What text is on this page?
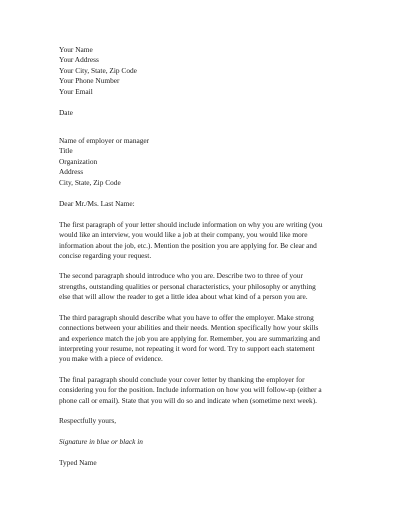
Your Name
Your Address
Your City, State, Zip Code
Your Phone Number
Your Email
Date
Name of employer or manager
Title
Organization
Address
City, State, Zip Code
Dear Mr./Ms. Last Name:
The first paragraph of your letter should include information on why you are writing (you
would like an interview, you would like a job at their company, you would like more
information about the job, etc.). Mention the position you are applying for. Be clear and
concise regarding your request.
The second paragraph should introduce who you are. Describe two to three of your
strengths, outstanding qualities or personal characteristics, your philosophy or anything
else that will allow the reader to get a little idea about what kind of a person you are.
The third paragraph should describe what you have to offer the employer. Make strong
connections between your abilities and their needs. Mention specifically how your skills
and experience match the job you are applying for. Remember, you are summarizing and
interpreting your resume, not repeating it word for word. Try to support each statement
you make with a piece of evidence.
The final paragraph should conclude your cover letter by thanking the employer for
considering you for the position. Include information on how you will follow-up (either a
phone call or email). State that you will do so and indicate when (sometime next week).
Respectfully yours,
Signature in blue or black in
Typed Name
